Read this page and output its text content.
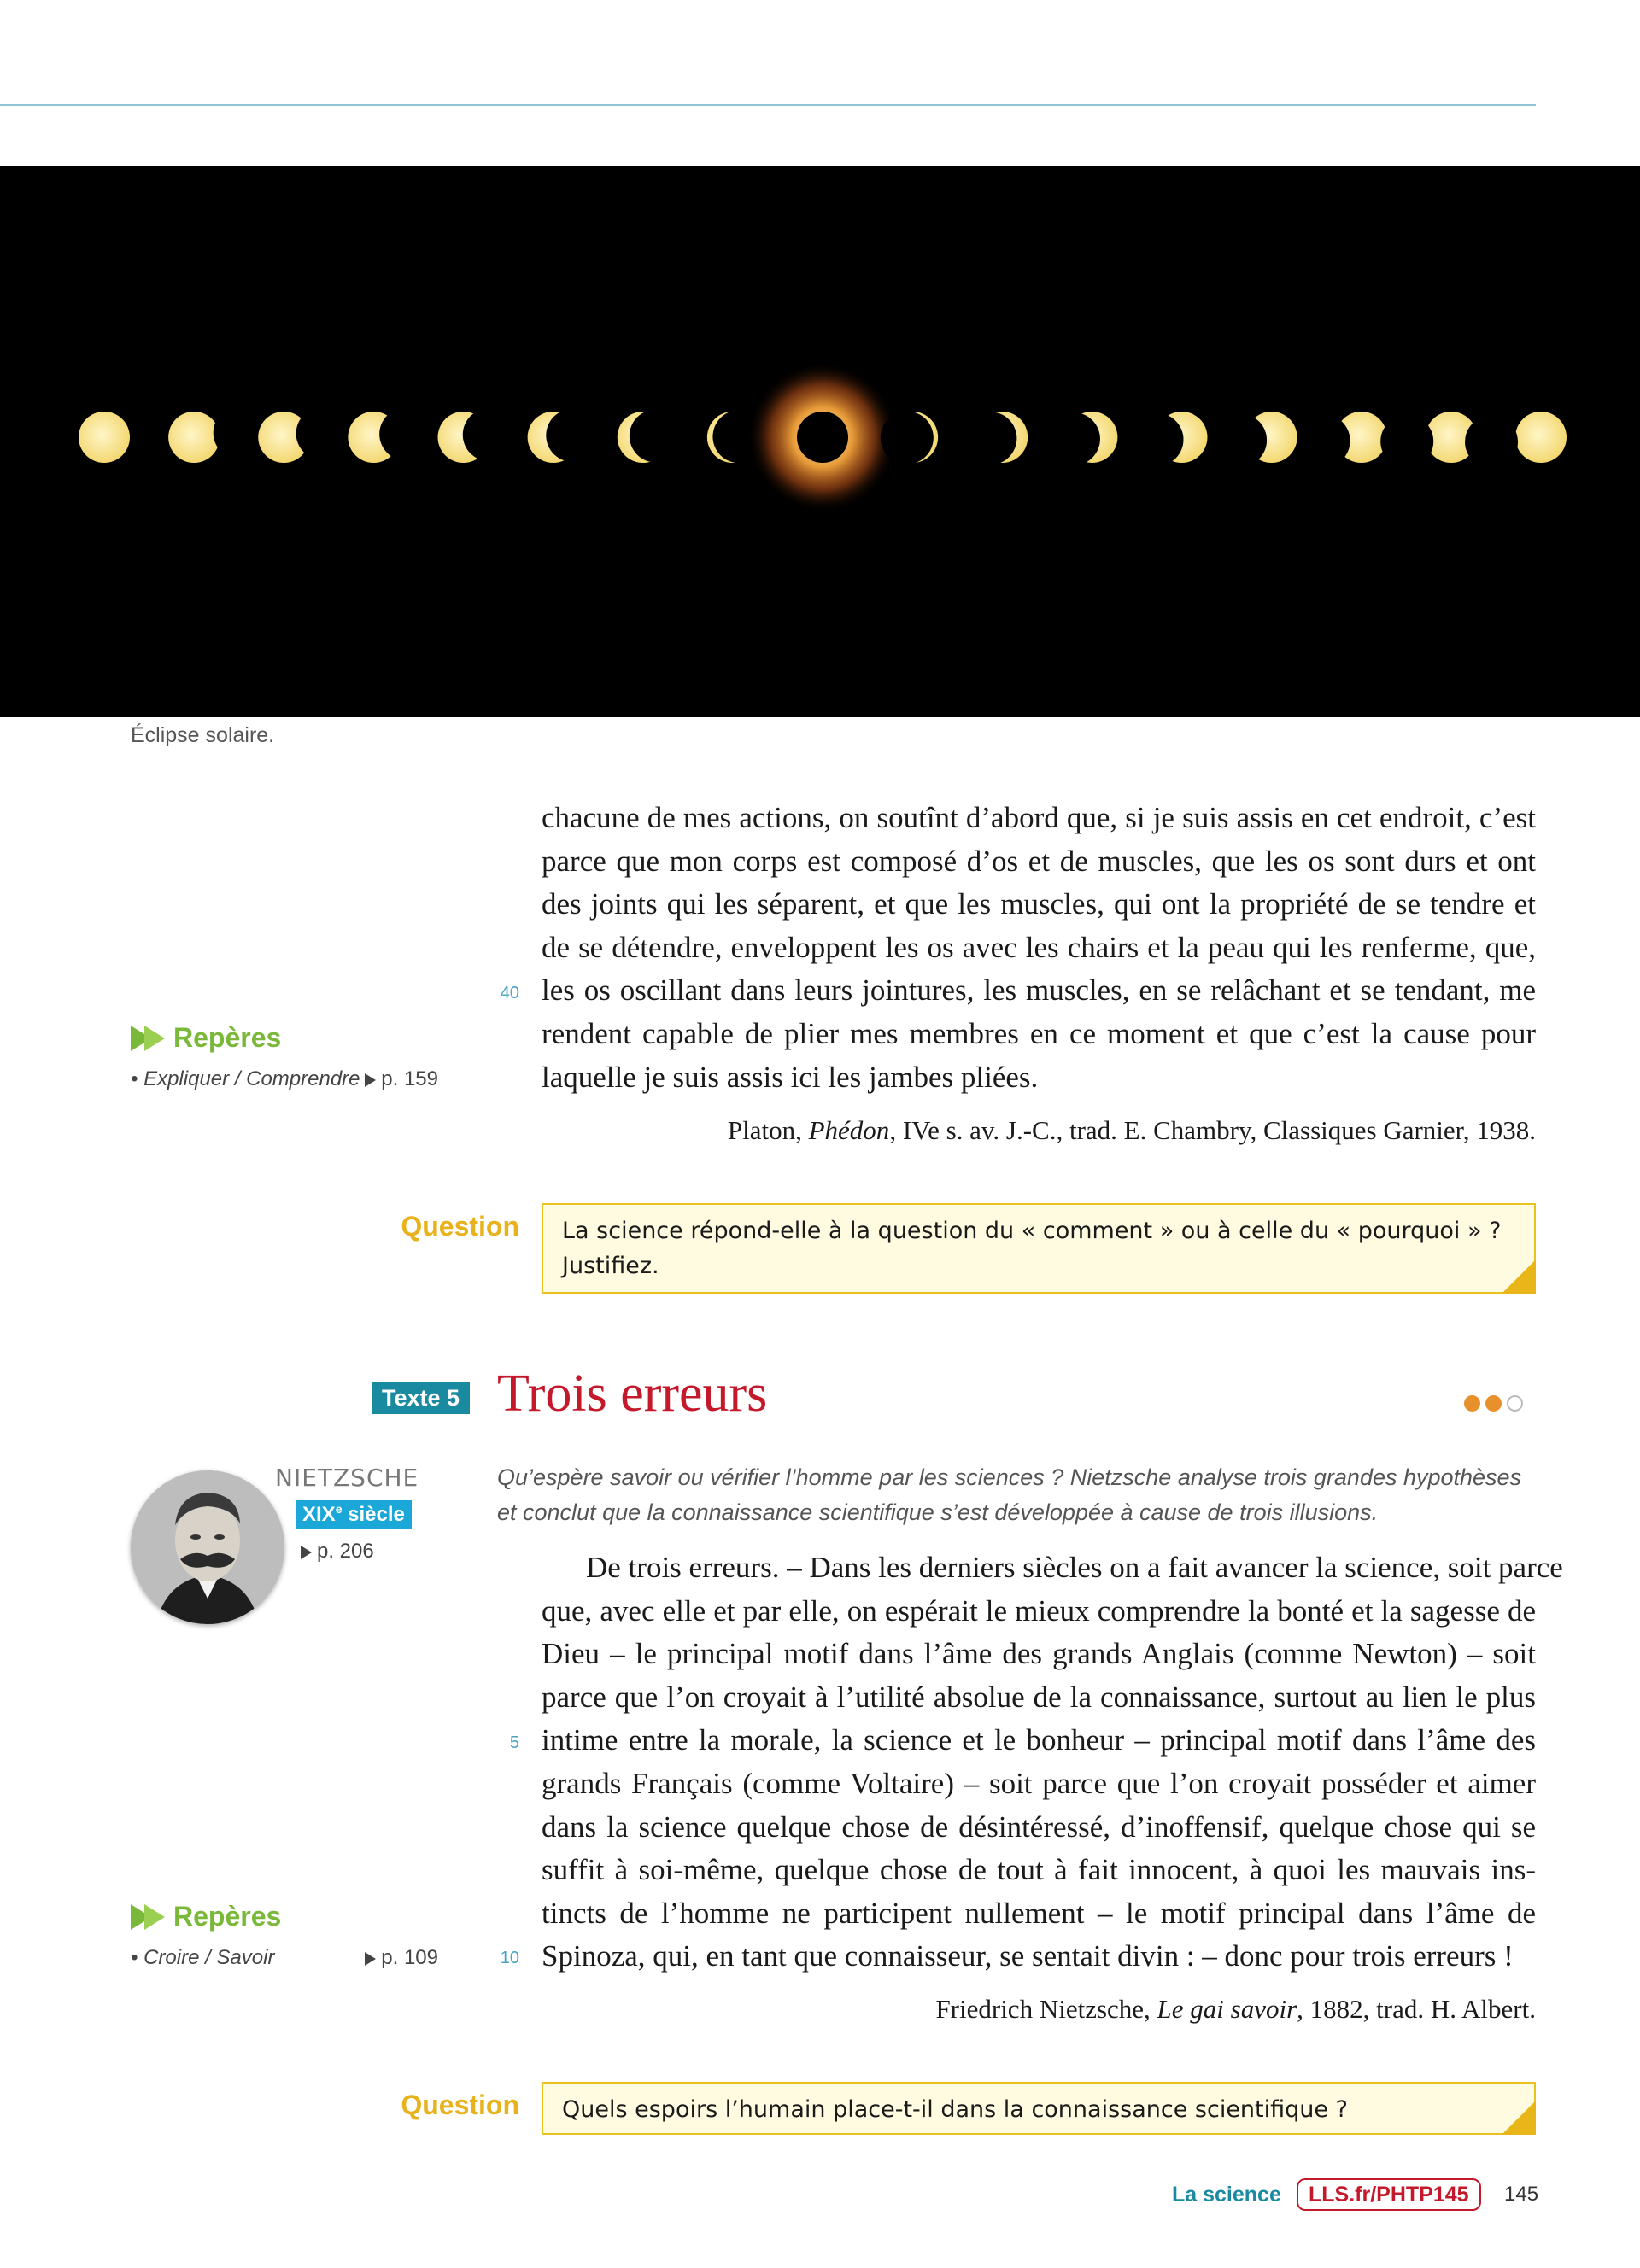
Éclipse solaire.
chacune de mes actions, on soutînt d’abord que, si je suis assis en cet endroit, c’est
parce que mon corps est composé d’os et de muscles, que les os sont durs et ont
des joints qui les séparent, et que les muscles, qui ont la propriété de se tendre et
de se détendre, enveloppent les os avec les chairs et la peau qui les renferme, que,
les os oscillant dans leurs jointures, les muscles, en se relâchant et se tendant, me
rendent capable de plier mes membres en ce moment et que c’est la cause pour
laquelle je suis assis ici les jambes pliées.
40
Platon, Phédon, IVe s. av. J.-C., trad. E. Chambry, Classiques Garnier, 1938.
Repères
• Expliquer / Comprendre	p. 159
Question	La science répond-elle à la question du « comment » ou à celle du « pourquoi » ? Justifiez.
Texte 5 Trois erreurs
NIETZSCHE
XIXe siècle
p. 206
Qu’espère savoir ou vérifier l’homme par les sciences ? Nietzsche analyse trois grandes hypothèses et conclut que la connaissance scientifique s’est développée à cause de trois illusions.
De trois erreurs. – Dans les derniers siècles on a fait avancer la science, soit parce
que, avec elle et par elle, on espérait le mieux comprendre la bonté et la sagesse de
Dieu – le principal motif dans l’âme des grands Anglais (comme Newton) – soit
parce que l’on croyait à l’utilité absolue de la connaissance, surtout au lien le plus
intime entre la morale, la science et le bonheur – principal motif dans l’âme des
grands Français (comme Voltaire) – soit parce que l’on croyait posséder et aimer
dans la science quelque chose de désintéressé, d’inoffensif, quelque chose qui se
suffit à soi-même, quelque chose de tout à fait innocent, à quoi les mauvais ins-
tincts de l’homme ne participent nullement – le motif principal dans l’âme de
Spinoza, qui, en tant que connaisseur, se sentait divin : – donc pour trois erreurs !
5
10
Friedrich Nietzsche, Le gai savoir, 1882, trad. H. Albert.
Repères
• Croire / Savoir	p. 109
Question	Quels espoirs l’humain place-t-il dans la connaissance scientifique ?
La science	LLS.fr/PHTP145	145
